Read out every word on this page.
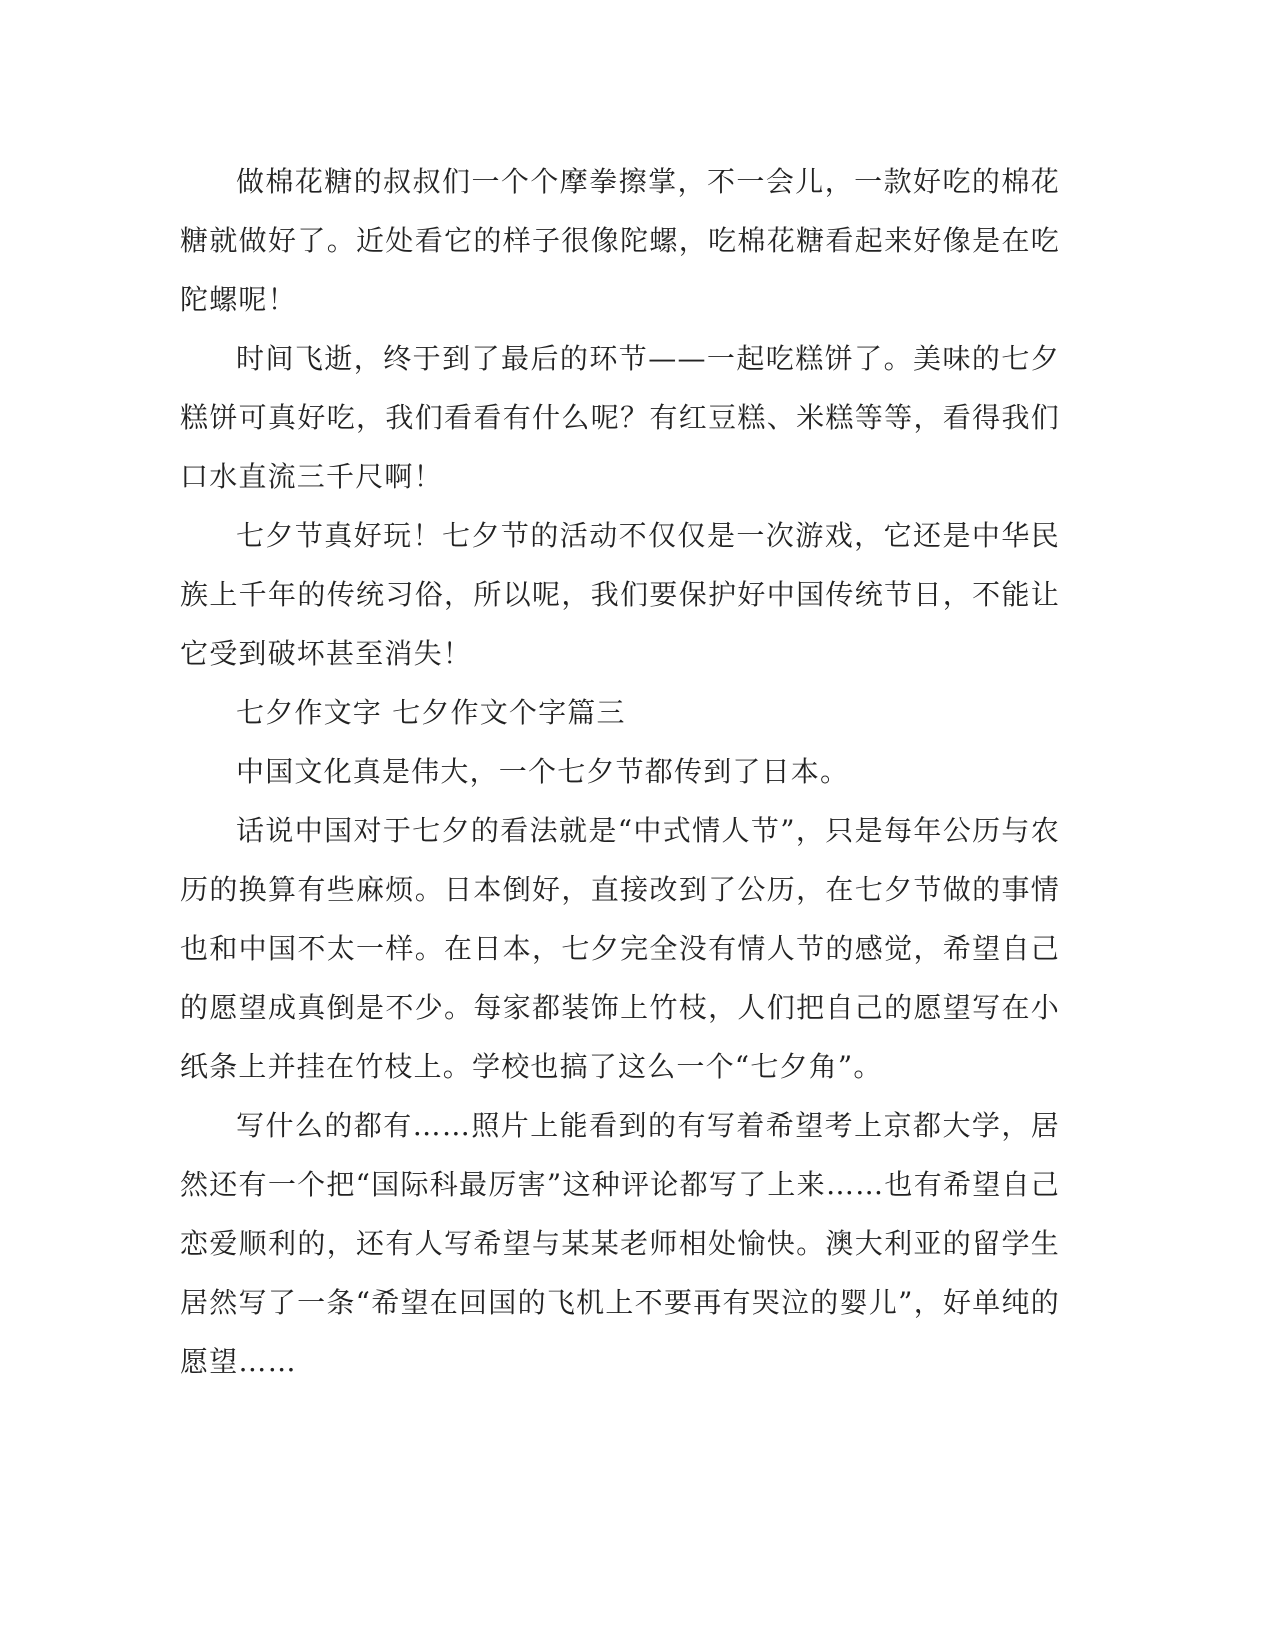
做棉花糖的叔叔们一个个摩拳擦掌，不一会儿，一款好吃的棉花糖就做好了。近处看它的样子很像陀螺，吃棉花糖看起来好像是在吃陀螺呢！

时间飞逝，终于到了最后的环节——一起吃糕饼了。美味的七夕糕饼可真好吃，我们看看有什么呢？有红豆糕、米糕等等，看得我们口水直流三千尺啊！

七夕节真好玩！七夕节的活动不仅仅是一次游戏，它还是中华民族上千年的传统习俗，所以呢，我们要保护好中国传统节日，不能让它受到破坏甚至消失！

七夕作文字 七夕作文个字篇三

中国文化真是伟大，一个七夕节都传到了日本。

话说中国对于七夕的看法就是“中式情人节”，只是每年公历与农历的换算有些麻烦。日本倒好，直接改到了公历，在七夕节做的事情也和中国不太一样。在日本，七夕完全没有情人节的感觉，希望自己的愿望成真倒是不少。每家都装饰上竹枝，人们把自己的愿望写在小纸条上并挂在竹枝上。学校也搞了这么一个“七夕角”。

写什么的都有……照片上能看到的有写着希望考上京都大学，居然还有一个把“国际科最厉害”这种评论都写了上来……也有希望自己恋爱顺利的，还有人写希望与某某老师相处愉快。澳大利亚的留学生居然写了一条“希望在回国的飞机上不要再有哭泣的婴儿”，好单纯的愿望……
